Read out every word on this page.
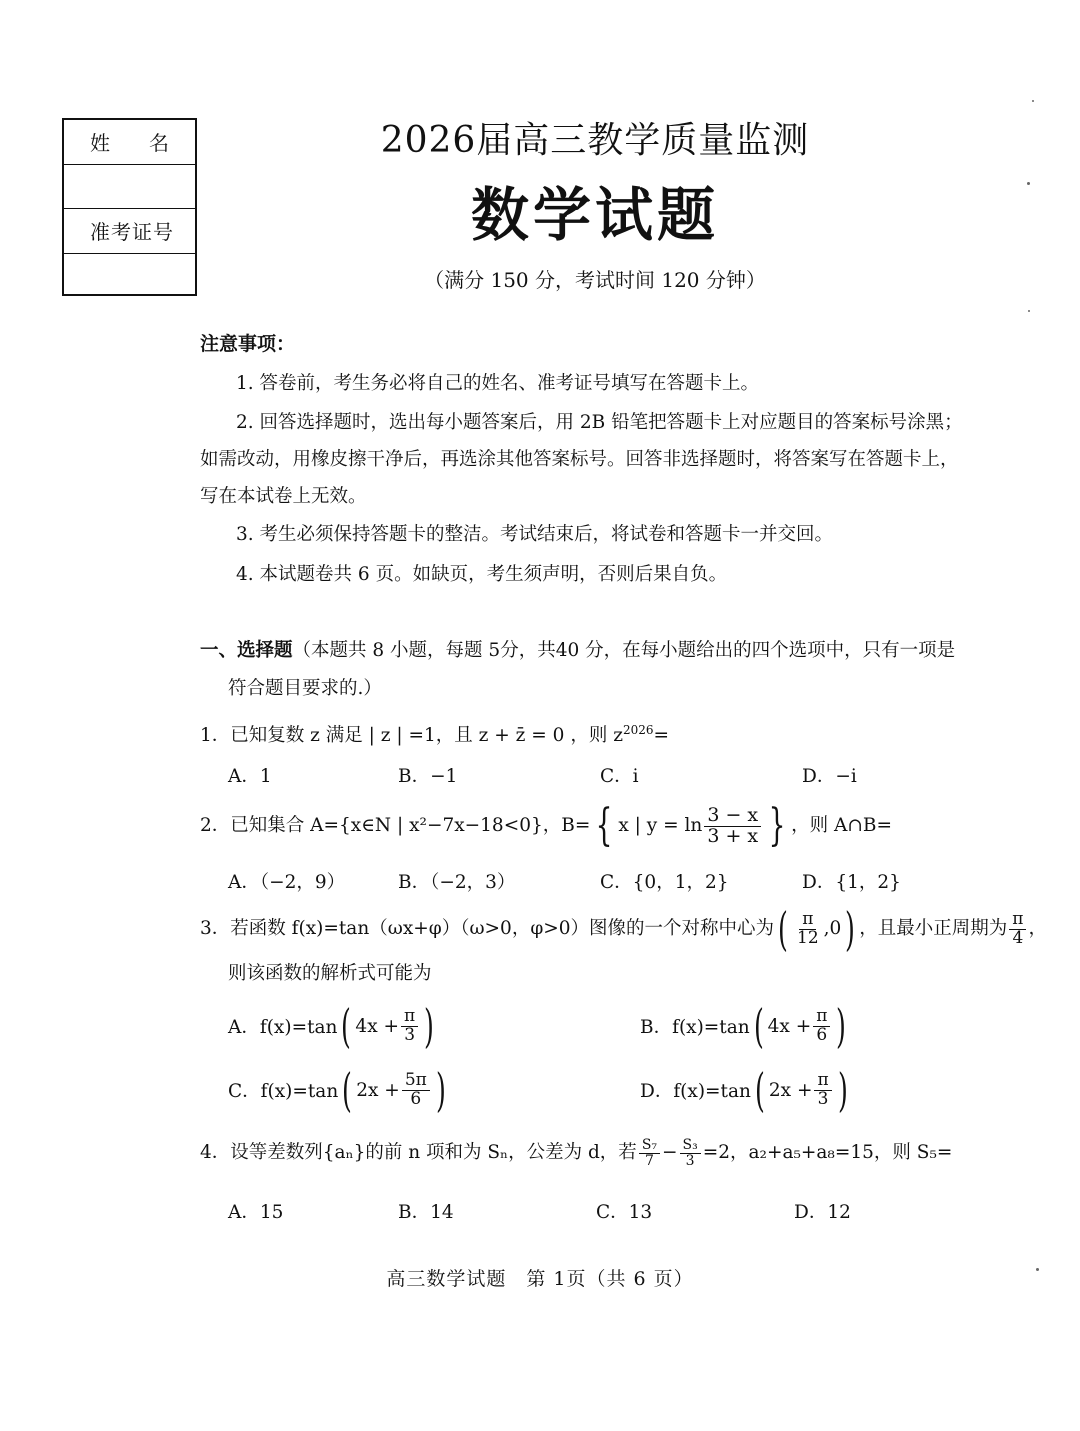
姓 名
准考证号
2026届高三教学质量监测
数学试题
（满分 150 分，考试时间 120 分钟）
注意事项：
1. 答卷前，考生务必将自己的姓名、准考证号填写在答题卡上。
2. 回答选择题时，选出每小题答案后，用 2B 铅笔把答题卡上对应题目的答案标号涂黑；
如需改动，用橡皮擦干净后，再选涂其他答案标号。回答非选择题时，将答案写在答题卡上，
写在本试卷上无效。
3. 考生必须保持答题卡的整洁。考试结束后，将试卷和答题卡一并交回。
4. 本试题卷共 6 页。如缺页，考生须声明，否则后果自负。
一、选择题（本题共 8 小题，每题 5分，共40 分，在每小题给出的四个选项中，只有一项是
符合题目要求的.）
1．已知复数 z 满足 | z | =1，且 z + z̄ = 0 ，则 $z^{2026}=$
A．1	B．−1	C．i	D．−i
2．已知集合 A={x∈N | x²−7x−18<0}，B= { x | $y = \ln \frac{3 - x}{3 + x}$ } ，则 A∩B=
A．（−2，9）	B．（−2，3）	C．{0，1，2}	D．{1，2}
3．若函数 f(x)=tan（ωx+φ）（ω>0，φ>0）图像的一个对称中心为 ( $\frac{\pi}{12} ,0$ ) ，且最小正周期为 $\frac{\pi}{4}$ ，
则该函数的解析式可能为
A．f(x)=tan ( $4x + \frac{\pi}{3}$ )	B．f(x)=tan ( $4x + \frac{\pi}{6}$ )
C．f(x)=tan ( $2x + \frac{5\pi}{6}$ )	D．f(x)=tan ( $2x + \frac{\pi}{3}$ )
4．设等差数列{aₙ}的前 n 项和为 Sₙ，公差为 d，若 $\frac{\text{S₇}}{7} - \frac{\text{S₃}}{3} =2$，a₂+a₅+a₈=15，则 S₅=
A．15	B．14	C．13	D．12
高三数学试题　第 1页（共 6 页）
